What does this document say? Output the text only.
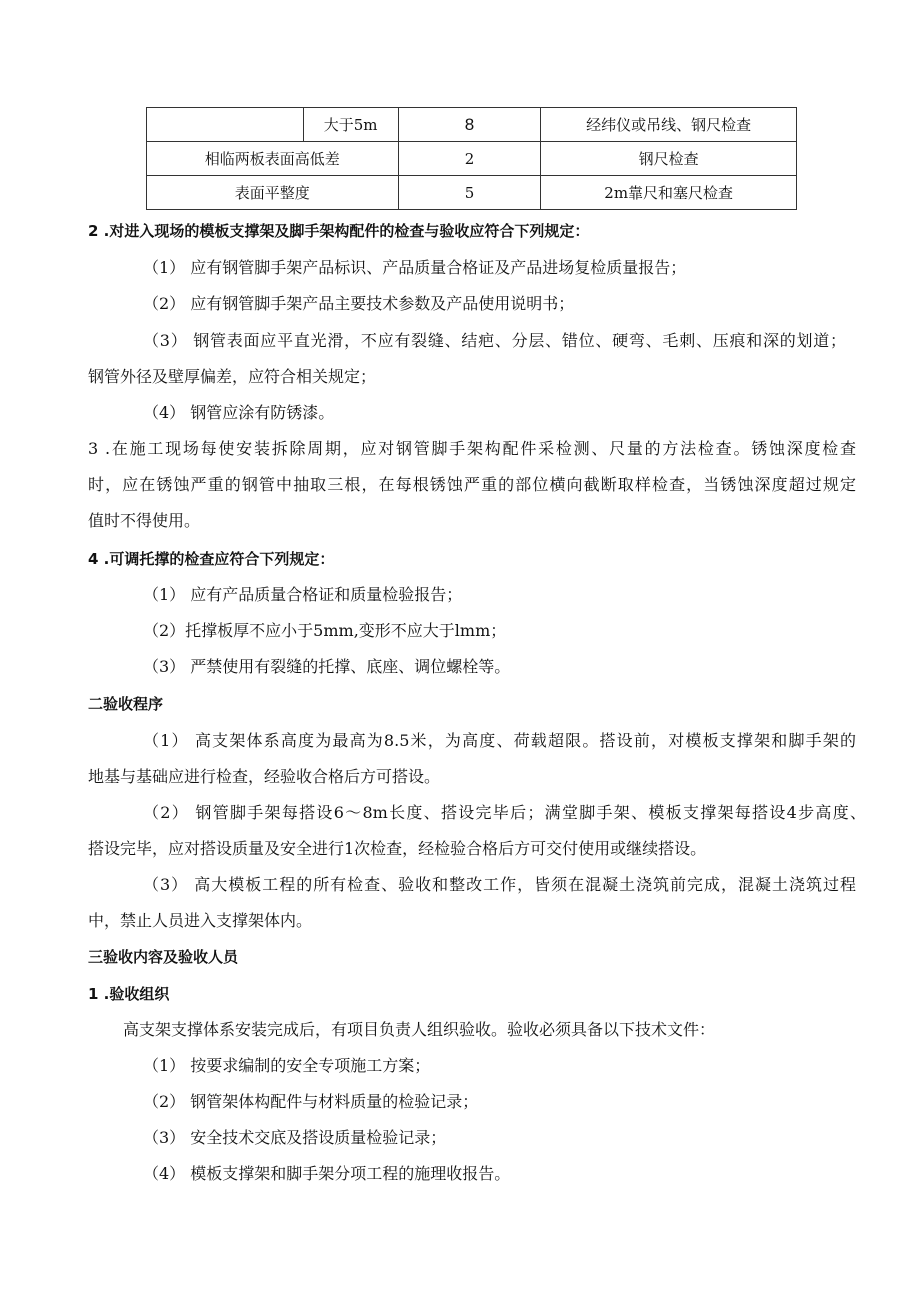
	大于5m	8	经纬仪或吊线、钢尺检查
相临两板表面高低差		2	钢尺检查
表面平整度		5	2m靠尺和塞尺检查
2 .对进入现场的模板支撑架及脚手架构配件的检查与验收应符合下列规定：
（1） 应有钢管脚手架产品标识、产品质量合格证及产品进场复检质量报告；
（2） 应有钢管脚手架产品主要技术参数及产品使用说明书；
（3） 钢管表面应平直光滑，不应有裂缝、结疤、分层、错位、硬弯、毛刺、压痕和深的划道；
钢管外径及壁厚偏差，应符合相关规定；
（4） 钢管应涂有防锈漆。
3 .在施工现场每使安装拆除周期，应对钢管脚手架构配件采检测、尺量的方法检查。锈蚀深度检查
时，应在锈蚀严重的钢管中抽取三根，在每根锈蚀严重的部位横向截断取样检查，当锈蚀深度超过规定
值时不得使用。
4 .可调托撑的检查应符合下列规定：
（1） 应有产品质量合格证和质量检验报告；
（2）托撑板厚不应小于5mm,变形不应大于lmm；
（3） 严禁使用有裂缝的托撑、底座、调位螺栓等。
二验收程序
（1） 高支架体系高度为最高为8.5米，为高度、荷载超限。搭设前，对模板支撑架和脚手架的
地基与基础应进行检查，经验收合格后方可搭设。
（2） 钢管脚手架每搭设6～8m长度、搭设完毕后；满堂脚手架、模板支撑架每搭设4步高度、
搭设完毕，应对搭设质量及安全进行1次检查，经检验合格后方可交付使用或继续搭设。
（3） 高大模板工程的所有检查、验收和整改工作，皆须在混凝土浇筑前完成，混凝土浇筑过程
中，禁止人员进入支撑架体内。
三验收内容及验收人员
1 .验收组织
高支架支撑体系安装完成后，有项目负责人组织验收。验收必须具备以下技术文件：
（1） 按要求编制的安全专项施工方案；
（2） 钢管架体构配件与材料质量的检验记录；
（3） 安全技术交底及搭设质量检验记录；
（4） 模板支撑架和脚手架分项工程的施理收报告。
